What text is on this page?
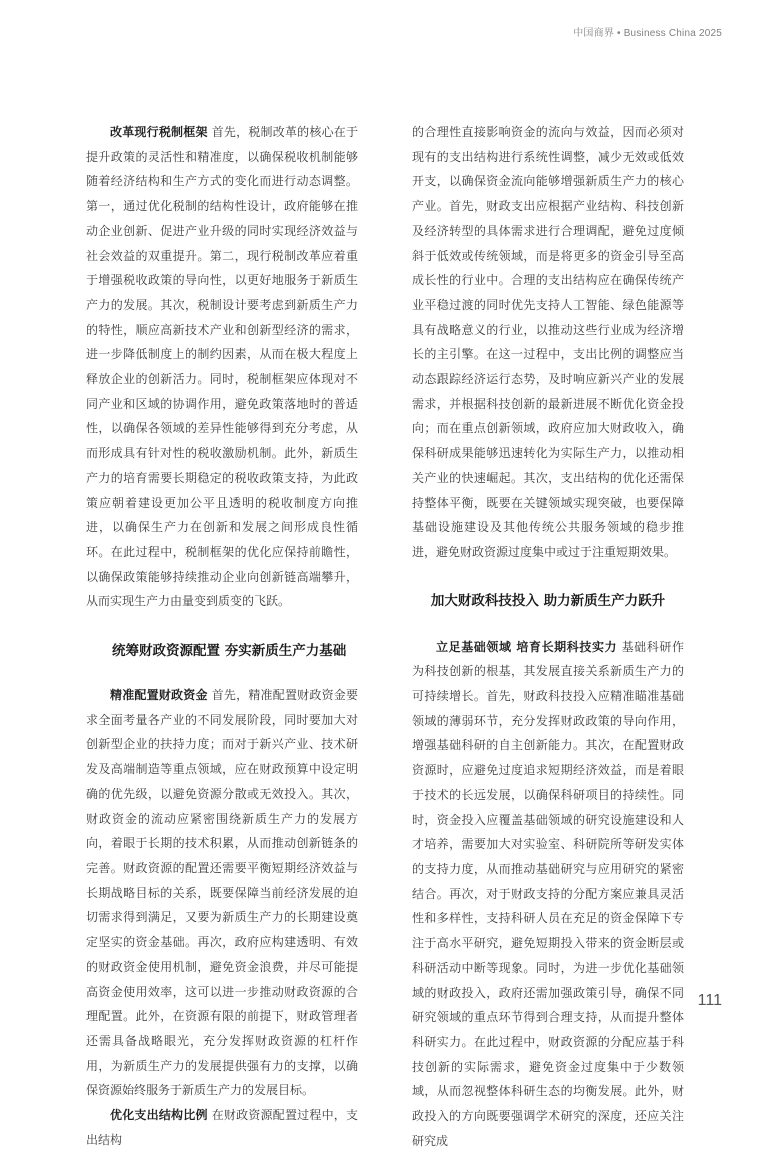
中国商界 • Business China 2025

改革现行税制框架 首先，税制改革的核心在于提升政策的灵活性和精准度，以确保税收机制能够随着经济结构和生产方式的变化而进行动态调整。第一，通过优化税制的结构性设计，政府能够在推动企业创新、促进产业升级的同时实现经济效益与社会效益的双重提升。第二，现行税制改革应着重于增强税收政策的导向性，以更好地服务于新质生产力的发展。其次，税制设计要考虑到新质生产力的特性，顺应高新技术产业和创新型经济的需求，进一步降低制度上的制约因素，从而在极大程度上释放企业的创新活力。同时，税制框架应体现对不同产业和区域的协调作用，避免政策落地时的普适性，以确保各领域的差异性能够得到充分考虑，从而形成具有针对性的税收激励机制。此外，新质生产力的培育需要长期稳定的税收政策支持，为此政策应朝着建设更加公平且透明的税收制度方向推进，以确保生产力在创新和发展之间形成良性循环。在此过程中，税制框架的优化应保持前瞻性，以确保政策能够持续推动企业向创新链高端攀升，从而实现生产力由量变到质变的飞跃。

统筹财政资源配置 夯实新质生产力基础

精准配置财政资金 首先，精准配置财政资金要求全面考量各产业的不同发展阶段，同时要加大对创新型企业的扶持力度；而对于新兴产业、技术研发及高端制造等重点领域，应在财政预算中设定明确的优先级，以避免资源分散或无效投入。其次，财政资金的流动应紧密围绕新质生产力的发展方向，着眼于长期的技术积累，从而推动创新链条的完善。财政资源的配置还需要平衡短期经济效益与长期战略目标的关系，既要保障当前经济发展的迫切需求得到满足，又要为新质生产力的长期建设奠定坚实的资金基础。再次，政府应构建透明、有效的财政资金使用机制，避免资金浪费，并尽可能提高资金使用效率，这可以进一步推动财政资源的合理配置。此外，在资源有限的前提下，财政管理者还需具备战略眼光，充分发挥财政资源的杠杆作用，为新质生产力的发展提供强有力的支撑，以确保资源始终服务于新质生产力的发展目标。

优化支出结构比例 在财政资源配置过程中，支出结构

的合理性直接影响资金的流向与效益，因而必须对现有的支出结构进行系统性调整，减少无效或低效开支，以确保资金流向能够增强新质生产力的核心产业。首先，财政支出应根据产业结构、科技创新及经济转型的具体需求进行合理调配，避免过度倾斜于低效或传统领域，而是将更多的资金引导至高成长性的行业中。合理的支出结构应在确保传统产业平稳过渡的同时优先支持人工智能、绿色能源等具有战略意义的行业，以推动这些行业成为经济增长的主引擎。在这一过程中，支出比例的调整应当动态跟踪经济运行态势，及时响应新兴产业的发展需求，并根据科技创新的最新进展不断优化资金投向；而在重点创新领域，政府应加大财政收入，确保科研成果能够迅速转化为实际生产力，以推动相关产业的快速崛起。其次，支出结构的优化还需保持整体平衡，既要在关键领域实现突破，也要保障基础设施建设及其他传统公共服务领域的稳步推进，避免财政资源过度集中或过于注重短期效果。

加大财政科技投入 助力新质生产力跃升

立足基础领域 培育长期科技实力 基础科研作为科技创新的根基，其发展直接关系新质生产力的可持续增长。首先，财政科技投入应精准瞄准基础领域的薄弱环节，充分发挥财政政策的导向作用，增强基础科研的自主创新能力。其次，在配置财政资源时，应避免过度追求短期经济效益，而是着眼于技术的长远发展，以确保科研项目的持续性。同时，资金投入应覆盖基础领域的研究设施建设和人才培养，需要加大对实验室、科研院所等研发实体的支持力度，从而推动基础研究与应用研究的紧密结合。再次，对于财政支持的分配方案应兼具灵活性和多样性，支持科研人员在充足的资金保障下专注于高水平研究，避免短期投入带来的资金断层或科研活动中断等现象。同时，为进一步优化基础领域的财政投入，政府还需加强政策引导，确保不同研究领域的重点环节得到合理支持，从而提升整体科研实力。在此过程中，财政资源的分配应基于科技创新的实际需求，避免资金过度集中于少数领域，从而忽视整体科研生态的均衡发展。此外，财政投入的方向既要强调学术研究的深度，还应关注研究成

111
